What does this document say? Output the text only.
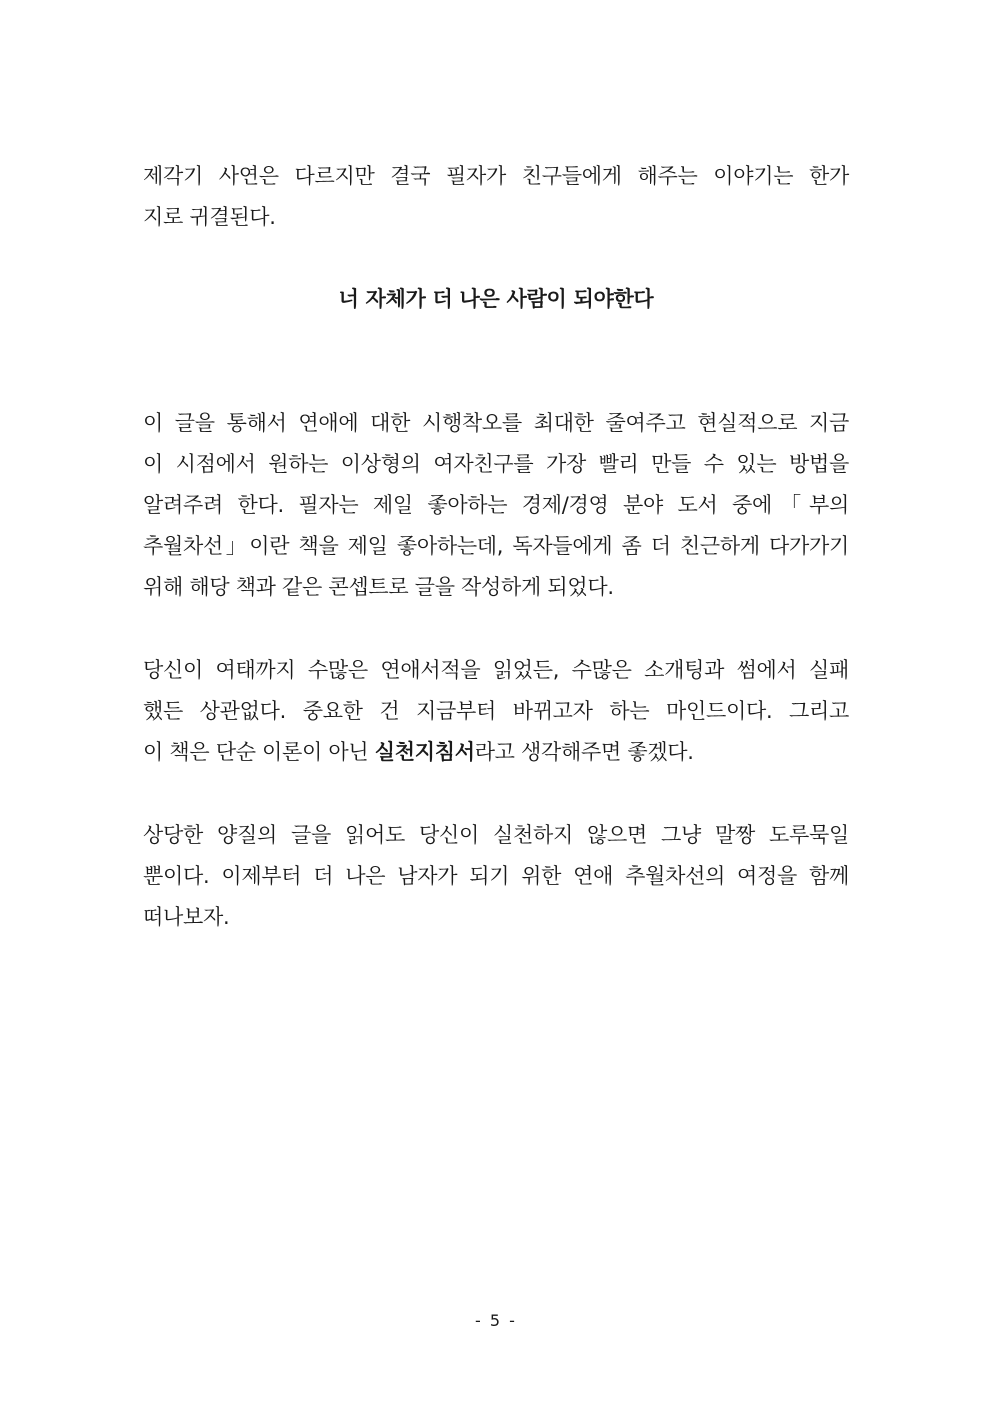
제각기 사연은 다르지만 결국 필자가 친구들에게 해주는 이야기는 한가
지로 귀결된다.
너 자체가 더 나은 사람이 되야한다
이 글을 통해서 연애에 대한 시행착오를 최대한 줄여주고 현실적으로 지금
이 시점에서 원하는 이상형의 여자친구를 가장 빨리 만들 수 있는 방법을
알려주려 한다. 필자는 제일 좋아하는 경제/경영 분야 도서 중에「부의
추월차선」이란 책을 제일 좋아하는데, 독자들에게 좀 더 친근하게 다가가기
위해 해당 책과 같은 콘셉트로 글을 작성하게 되었다.
당신이 여태까지 수많은 연애서적을 읽었든, 수많은 소개팅과 썸에서 실패
했든 상관없다. 중요한 건 지금부터 바뀌고자 하는 마인드이다. 그리고
이 책은 단순 이론이 아닌 실천지침서라고 생각해주면 좋겠다.
상당한 양질의 글을 읽어도 당신이 실천하지 않으면 그냥 말짱 도루묵일
뿐이다. 이제부터 더 나은 남자가 되기 위한 연애 추월차선의 여정을 함께
떠나보자.
- 5 -
